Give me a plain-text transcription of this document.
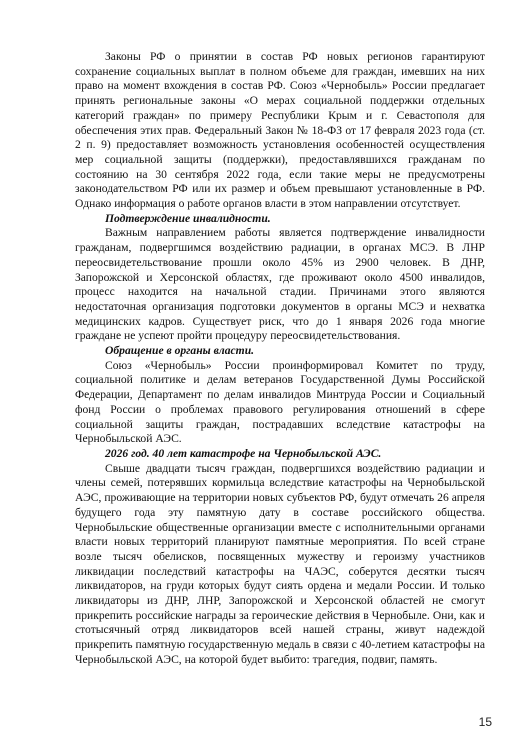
Законы РФ о принятии в состав РФ новых регионов гарантируют сохранение социальных выплат в полном объеме для граждан, имевших на них право на момент вхождения в состав РФ. Союз «Чернобыль» России предлагает принять региональные законы «О мерах социальной поддержки отдельных категорий граждан» по примеру Республики Крым и г. Севастополя для обеспечения этих прав. Федеральный Закон № 18-ФЗ от 17 февраля 2023 года (ст. 2 п. 9) предоставляет возможность установления особенностей осуществления мер социальной защиты (поддержки), предоставлявшихся гражданам по состоянию на 30 сентября 2022 года, если такие меры не предусмотрены законодательством РФ или их размер и объем превышают установленные в РФ. Однако информация о работе органов власти в этом направлении отсутствует.

Подтверждение инвалидности.

Важным направлением работы является подтверждение инвалидности гражданам, подвергшимся воздействию радиации, в органах МСЭ. В ЛНР переосвидетельствование прошли около 45% из 2900 человек. В ДНР, Запорожской и Херсонской областях, где проживают около 4500 инвалидов, процесс находится на начальной стадии. Причинами этого являются недостаточная организация подготовки документов в органы МСЭ и нехватка медицинских кадров. Существует риск, что до 1 января 2026 года многие граждане не успеют пройти процедуру переосвидетельствования.

Обращение в органы власти.

Союз «Чернобыль» России проинформировал Комитет по труду, социальной политике и делам ветеранов Государственной Думы Российской Федерации, Департамент по делам инвалидов Минтруда России и Социальный фонд России о проблемах правового регулирования отношений в сфере социальной защиты граждан, пострадавших вследствие катастрофы на Чернобыльской АЭС.

2026 год. 40 лет катастрофе на Чернобыльской АЭС.

Свыше двадцати тысяч граждан, подвергшихся воздействию радиации и члены семей, потерявших кормильца вследствие катастрофы на Чернобыльской АЭС, проживающие на территории новых субъектов РФ, будут отмечать 26 апреля будущего года эту памятную дату в составе российского общества. Чернобыльские общественные организации вместе с исполнительными органами власти новых территорий планируют памятные мероприятия. По всей стране возле тысяч обелисков, посвященных мужеству и героизму участников ликвидации последствий катастрофы на ЧАЭС, соберутся десятки тысяч ликвидаторов, на груди которых будут сиять ордена и медали России. И только ликвидаторы из ДНР, ЛНР, Запорожской и Херсонской областей не смогут прикрепить российские награды за героические действия в Чернобыле. Они, как и стотысячный отряд ликвидаторов всей нашей страны, живут надеждой прикрепить памятную государственную медаль в связи с 40-летием катастрофы на Чернобыльской АЭС, на которой будет выбито: трагедия, подвиг, память.

15
